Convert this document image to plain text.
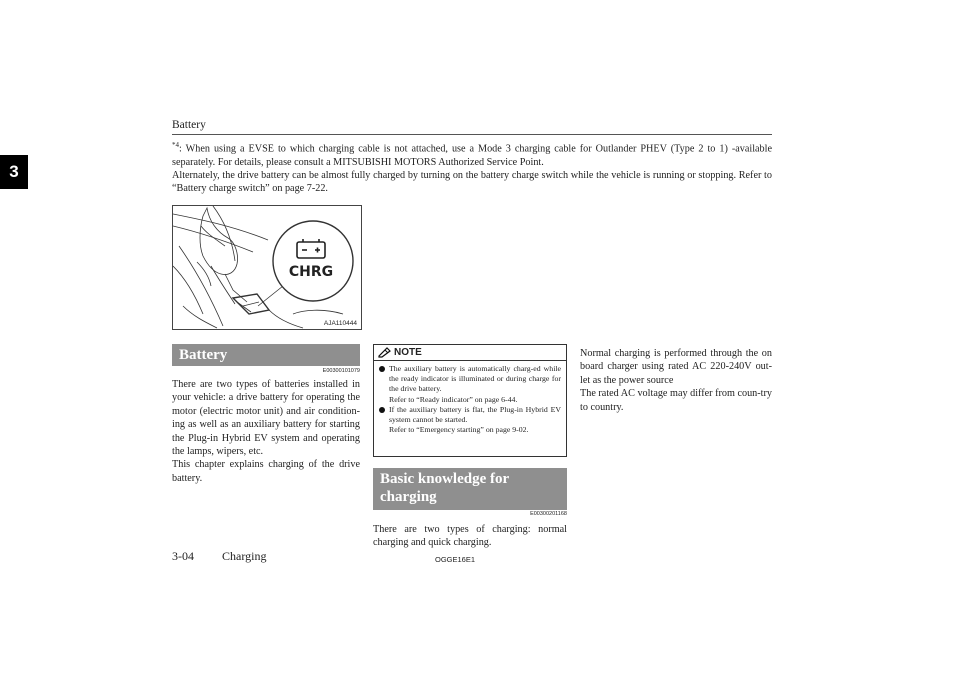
Battery
3

$^{*4}$: When using a EVSE to which charging cable is not attached, use a Mode 3 charging cable for Outlander PHEV (Type 2 to 1) -available separately. For details, please consult a MITSUBISHI MOTORS Authorized Service Point.

Alternately, the drive battery can be almost fully charged by turning on the battery charge switch while the vehicle is running or stopping. Refer to “Battery charge switch” on page 7-22.

CHRG
AJA110444
Battery
E00300101079

There are two types of batteries installed in your vehicle: a drive battery for operating the motor (electric motor unit) and air condition-ing as well as an auxiliary battery for starting the Plug-in Hybrid EV system and operating the lamps, wipers, etc.

This chapter explains charging of the drive battery.

NOTE

The auxiliary battery is automatically charg-ed while the ready indicator is illuminated or during charge for the drive battery.

Refer to “Ready indicator” on page 6-44.

If the auxiliary battery is flat, the Plug-in Hybrid EV system cannot be started.

Refer to “Emergency starting” on page 9-02.

Basic knowledge for
charging
E00300201168

There are two types of charging: normal charging and quick charging.

Normal charging is performed through the on board charger using rated AC 220-240V out-let as the power source

The rated AC voltage may differ from coun-try to country.

3-04 Charging	OGGE16E1
